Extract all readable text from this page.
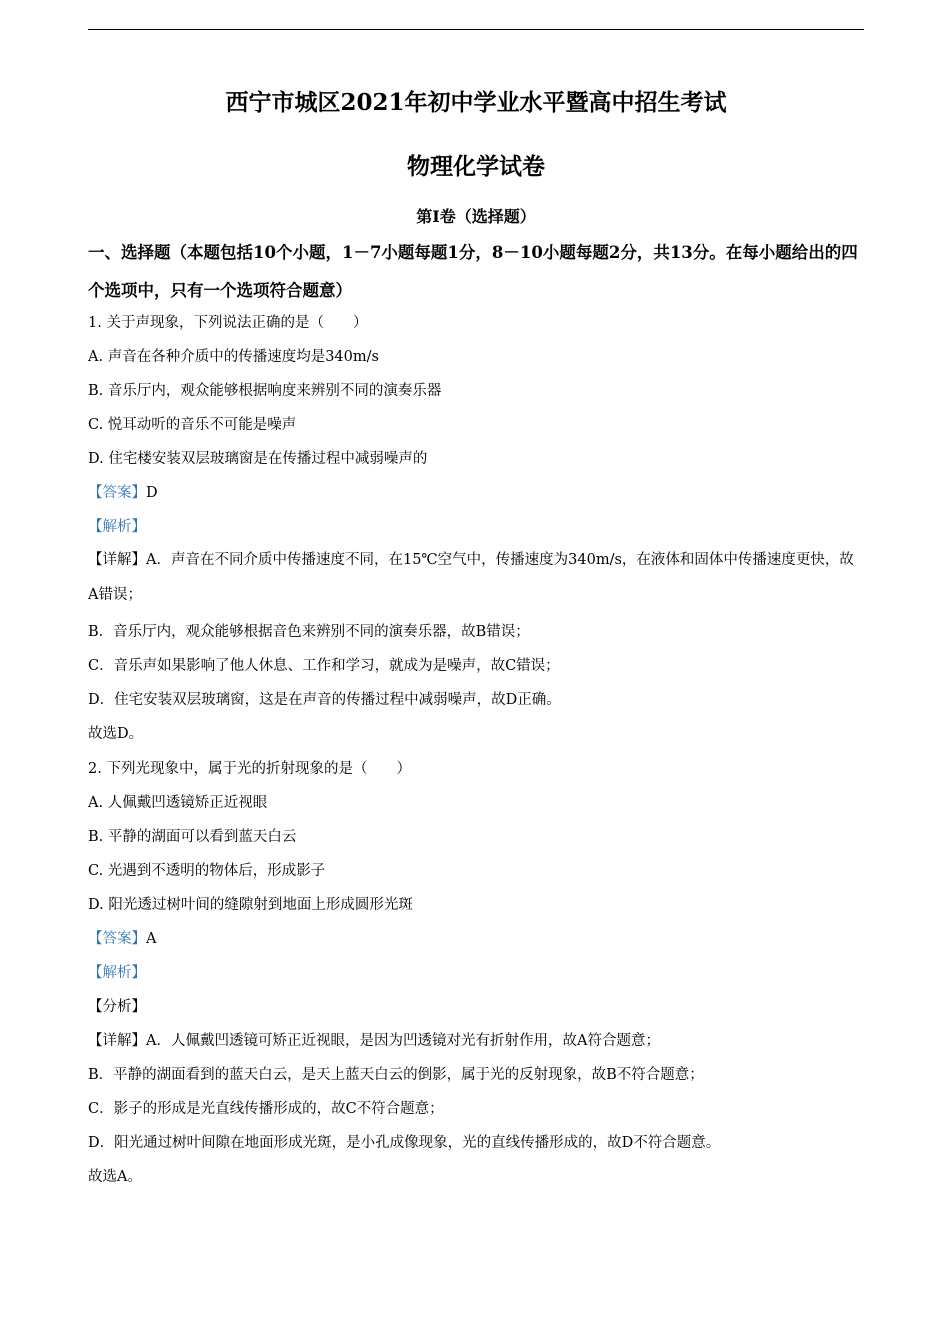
西宁市城区2021年初中学业水平暨高中招生考试
物理化学试卷
第Ⅰ卷（选择题）
一、选择题（本题包括10个小题，1－7小题每题1分，8－10小题每题2分，共13分。在每小题给出的四个选项中，只有一个选项符合题意）
1. 关于声现象，下列说法正确的是（　　）
A. 声音在各种介质中的传播速度均是340m/s
B. 音乐厅内，观众能够根据响度来辨别不同的演奏乐器
C. 悦耳动听的音乐不可能是噪声
D. 住宅楼安装双层玻璃窗是在传播过程中减弱噪声的
【答案】D
【解析】
【详解】A．声音在不同介质中传播速度不同，在15℃空气中，传播速度为340m/s，在液体和固体中传播速度更快，故A错误；
B．音乐厅内，观众能够根据音色来辨别不同的演奏乐器，故B错误；
C．音乐声如果影响了他人休息、工作和学习，就成为是噪声，故C错误；
D．住宅安装双层玻璃窗，这是在声音的传播过程中减弱噪声，故D正确。
故选D。
2. 下列光现象中，属于光的折射现象的是（　　）
A. 人佩戴凹透镜矫正近视眼
B. 平静的湖面可以看到蓝天白云
C. 光遇到不透明的物体后，形成影子
D. 阳光透过树叶间的缝隙射到地面上形成圆形光斑
【答案】A
【解析】
【分析】
【详解】A．人佩戴凹透镜可矫正近视眼，是因为凹透镜对光有折射作用，故A符合题意；
B．平静的湖面看到的蓝天白云，是天上蓝天白云的倒影，属于光的反射现象，故B不符合题意；
C．影子的形成是光直线传播形成的，故C不符合题意；
D．阳光通过树叶间隙在地面形成光斑，是小孔成像现象，光的直线传播形成的，故D不符合题意。
故选A。
